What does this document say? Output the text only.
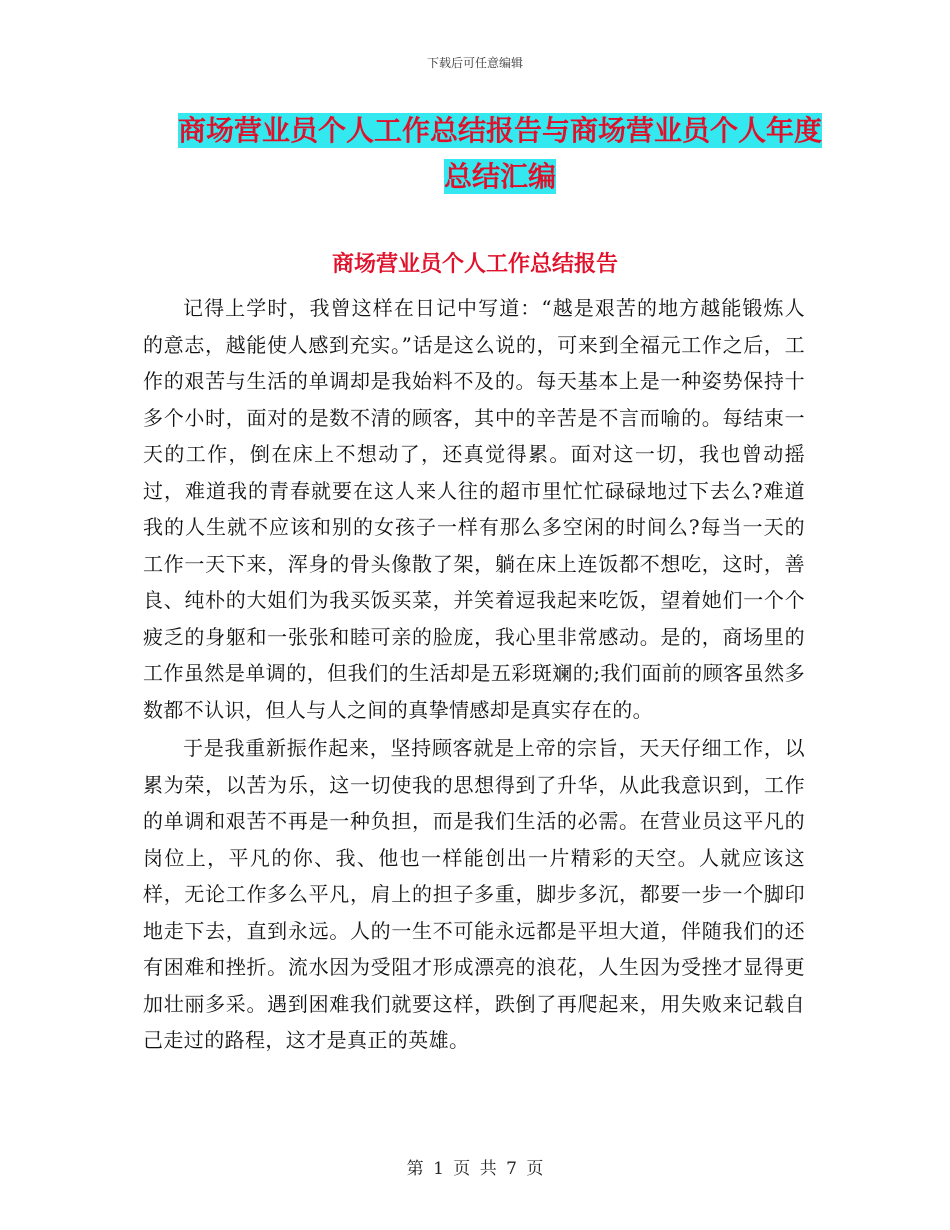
下载后可任意编辑
商场营业员个人工作总结报告与商场营业员个人年度
总结汇编
商场营业员个人工作总结报告

记得上学时，我曾这样在日记中写道：“越是艰苦的地方越能锻炼人的意志，越能使人感到充实。”话是这么说的，可来到全福元工作之后，工作的艰苦与生活的单调却是我始料不及的。每天基本上是一种姿势保持十多个小时，面对的是数不清的顾客，其中的辛苦是不言而喻的。每结束一天的工作，倒在床上不想动了，还真觉得累。面对这一切，我也曾动摇过，难道我的青春就要在这人来人往的超市里忙忙碌碌地过下去么?难道我的人生就不应该和别的女孩子一样有那么多空闲的时间么?每当一天的工作一天下来，浑身的骨头像散了架，躺在床上连饭都不想吃，这时，善良、纯朴的大姐们为我买饭买菜，并笑着逗我起来吃饭，望着她们一个个疲乏的身躯和一张张和睦可亲的脸庞，我心里非常感动。是的，商场里的工作虽然是单调的，但我们的生活却是五彩斑斓的;我们面前的顾客虽然多数都不认识，但人与人之间的真挚情感却是真实存在的。

于是我重新振作起来，坚持顾客就是上帝的宗旨，天天仔细工作，以累为荣，以苦为乐，这一切使我的思想得到了升华，从此我意识到，工作的单调和艰苦不再是一种负担，而是我们生活的必需。在营业员这平凡的岗位上，平凡的你、我、他也一样能创出一片精彩的天空。人就应该这样，无论工作多么平凡，肩上的担子多重，脚步多沉，都要一步一个脚印地走下去，直到永远。人的一生不可能永远都是平坦大道，伴随我们的还有困难和挫折。流水因为受阻才形成漂亮的浪花，人生因为受挫才显得更加壮丽多采。遇到困难我们就要这样，跌倒了再爬起来，用失败来记载自己走过的路程，这才是真正的英雄。

第 1 页 共 7 页
